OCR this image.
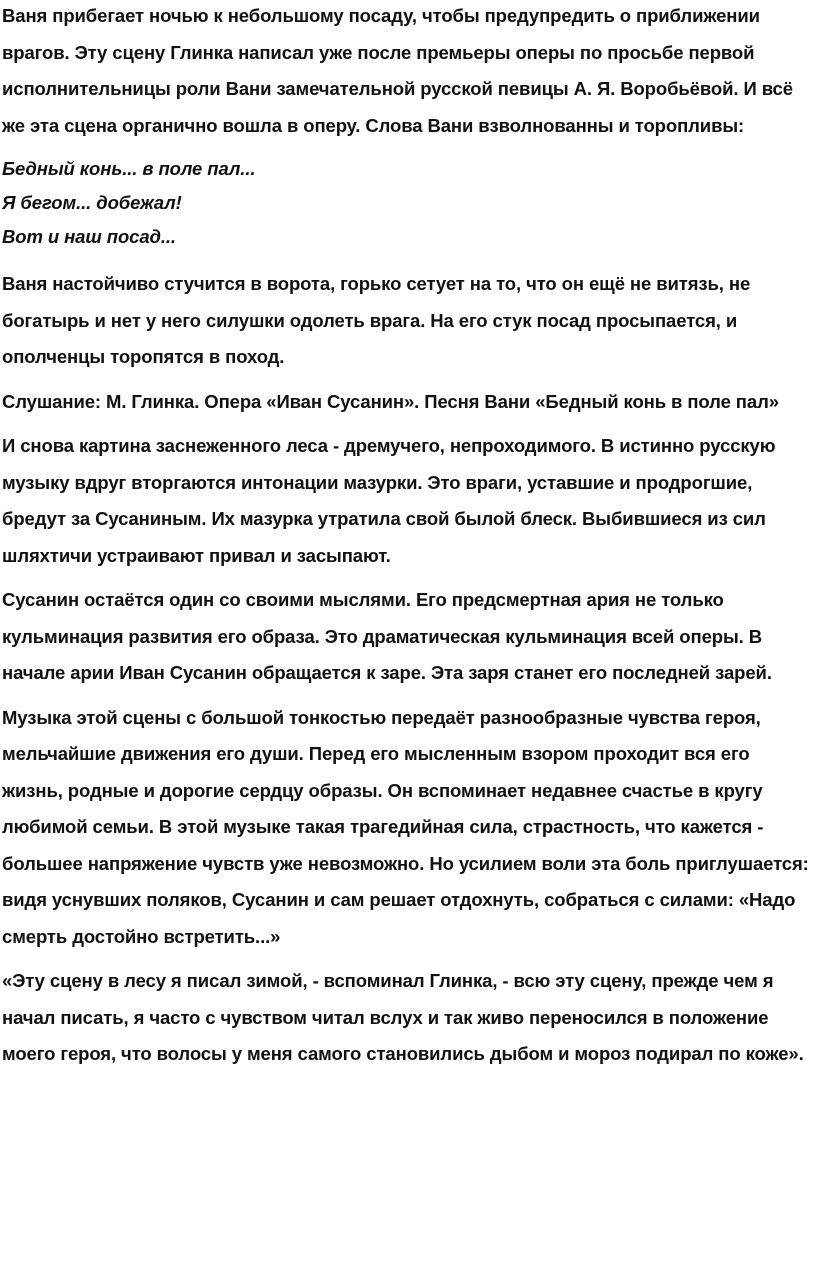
Ваня прибегает ночью к небольшому посаду, чтобы предупредить о приближении врагов. Эту сцену Глинка написал уже после премьеры оперы по просьбе первой исполнительницы роли Вани замечательной русской певицы А. Я. Воробьёвой. И всё же эта сцена органично вошла в оперу. Слова Вани взволнованны и торопливы:

Бедный конь... в поле пал...
Я бегом... добежал!
Вот и наш посад...

Ваня настойчиво стучится в ворота, горько сетует на то, что он ещё не витязь, не богатырь и нет у него силушки одолеть врага. На его стук посад просыпается, и ополченцы торопятся в поход.

Слушание: М. Глинка. Опера «Иван Сусанин». Песня Вани «Бедный конь в поле пал»

И снова картина заснеженного леса - дремучего, непроходимого. В истинно русскую музыку вдруг вторгаются интонации мазурки. Это враги, уставшие и продрогшие, бредут за Сусаниным. Их мазурка утратила свой былой блеск. Выбившиеся из сил шляхтичи устраивают привал и засыпают.

Сусанин остаётся один со своими мыслями. Его предсмертная ария не только кульминация развития его образа. Это драматическая кульминация всей оперы. В начале арии Иван Сусанин обращается к заре. Эта заря станет его последней зарей.

Музыка этой сцены с большой тонкостью передаёт разнообразные чувства героя, мельчайшие движения его души. Перед его мысленным взором проходит вся его жизнь, родные и дорогие сердцу образы. Он вспоминает недавнее счастье в кругу любимой семьи. В этой музыке такая трагедийная сила, страстность, что кажется - большее напряжение чувств уже невозможно. Но усилием воли эта боль приглушается: видя уснувших поляков, Сусанин и сам решает отдохнуть, собраться с силами: «Надо смерть достойно встретить...»

«Эту сцену в лесу я писал зимой, - вспоминал Глинка, - всю эту сцену, прежде чем я начал писать, я часто с чувством читал вслух и так живо переносился в положение моего героя, что волосы у меня самого становились дыбом и мороз подирал по коже».
